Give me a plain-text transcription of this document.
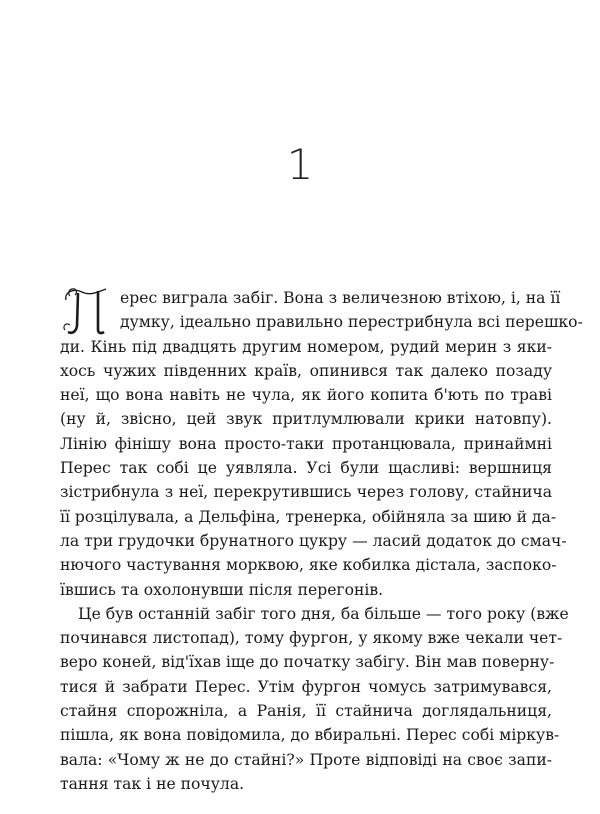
1
ерес виграла забіг. Вона з величезною втіхою, і, на її
думку, ідеально правильно перестрибнула всі перешко-
ди. Кінь під двадцять другим номером, рудий мерин з яки-
хось чужих південних країв, опинився так далеко позаду
неї, що вона навіть не чула, як його копита б'ють по траві
(ну й, звісно, цей звук притлумлювали крики натовпу).
Лінію фінішу вона просто-таки протанцювала, принаймні
Перес так собі це уявляла. Усі були щасливі: вершниця
зістрибнула з неї, перекрутившись через голову, стайнича
її розцілувала, а Дельфіна, тренерка, обійняла за шию й да-
ла три грудочки брунатного цукру — ласий додаток до смач-
нючого частування морквою, яке кобилка дістала, заспоко-
ївшись та охолонувши після перегонів.
Це був останній забіг того дня, ба більше — того року (вже
починався листопад), тому фургон, у якому вже чекали чет-
веро коней, від'їхав іще до початку забігу. Він мав поверну-
тися й забрати Перес. Утім фургон чомусь затримувався,
стайня спорожніла, а Ранія, її стайнича доглядальниця,
пішла, як вона повідомила, до вбиральні. Перес собі міркув-
вала: «Чому ж не до стайні?» Проте відповіді на своє запи-
тання так і не почула.
